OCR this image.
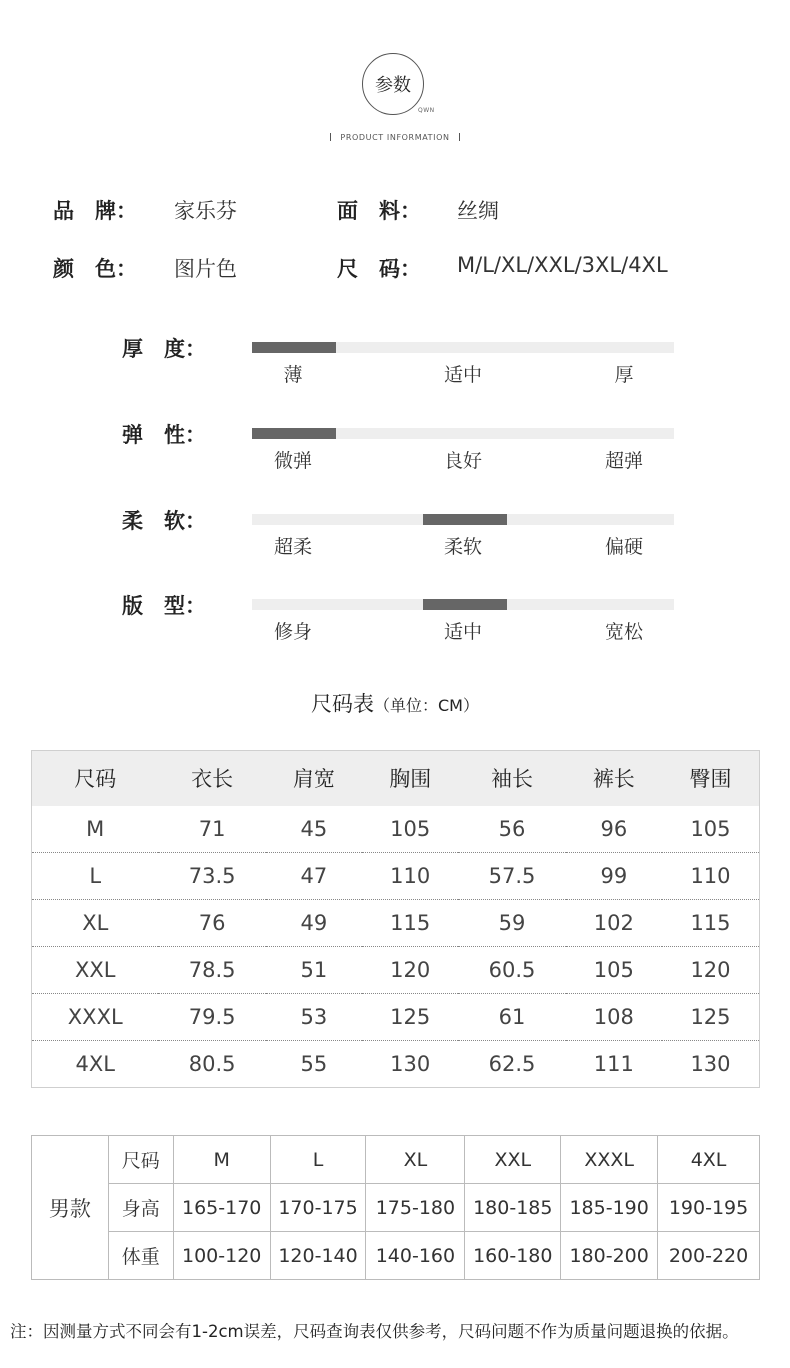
参数
QWN
PRODUCT INFORMATION
品　牌： 家乐芬	面　料： 丝绸
颜　色： 图片色	尺　码： M/L/XL/XXL/3XL/4XL
厚　度：
薄	适中	厚
弹　性：
微弹	良好	超弹
柔　软：
超柔	柔软	偏硬
版　型：
修身	适中	宽松
尺码表（单位：CM）
尺码	衣长	肩宽	胸围	袖长	裤长	臀围
M	71	45	105	56	96	105
L	73.5	47	110	57.5	99	110
XL	76	49	115	59	102	115
XXL	78.5	51	120	60.5	105	120
XXXL	79.5	53	125	61	108	125
4XL	80.5	55	130	62.5	111	130
男款	尺码	M	L	XL	XXL	XXXL	4XL
	身高	165-170	170-175	175-180	180-185	185-190	190-195
	体重	100-120	120-140	140-160	160-180	180-200	200-220
注：因测量方式不同会有1-2cm误差，尺码查询表仅供参考，尺码问题不作为质量问题退换的依据。
